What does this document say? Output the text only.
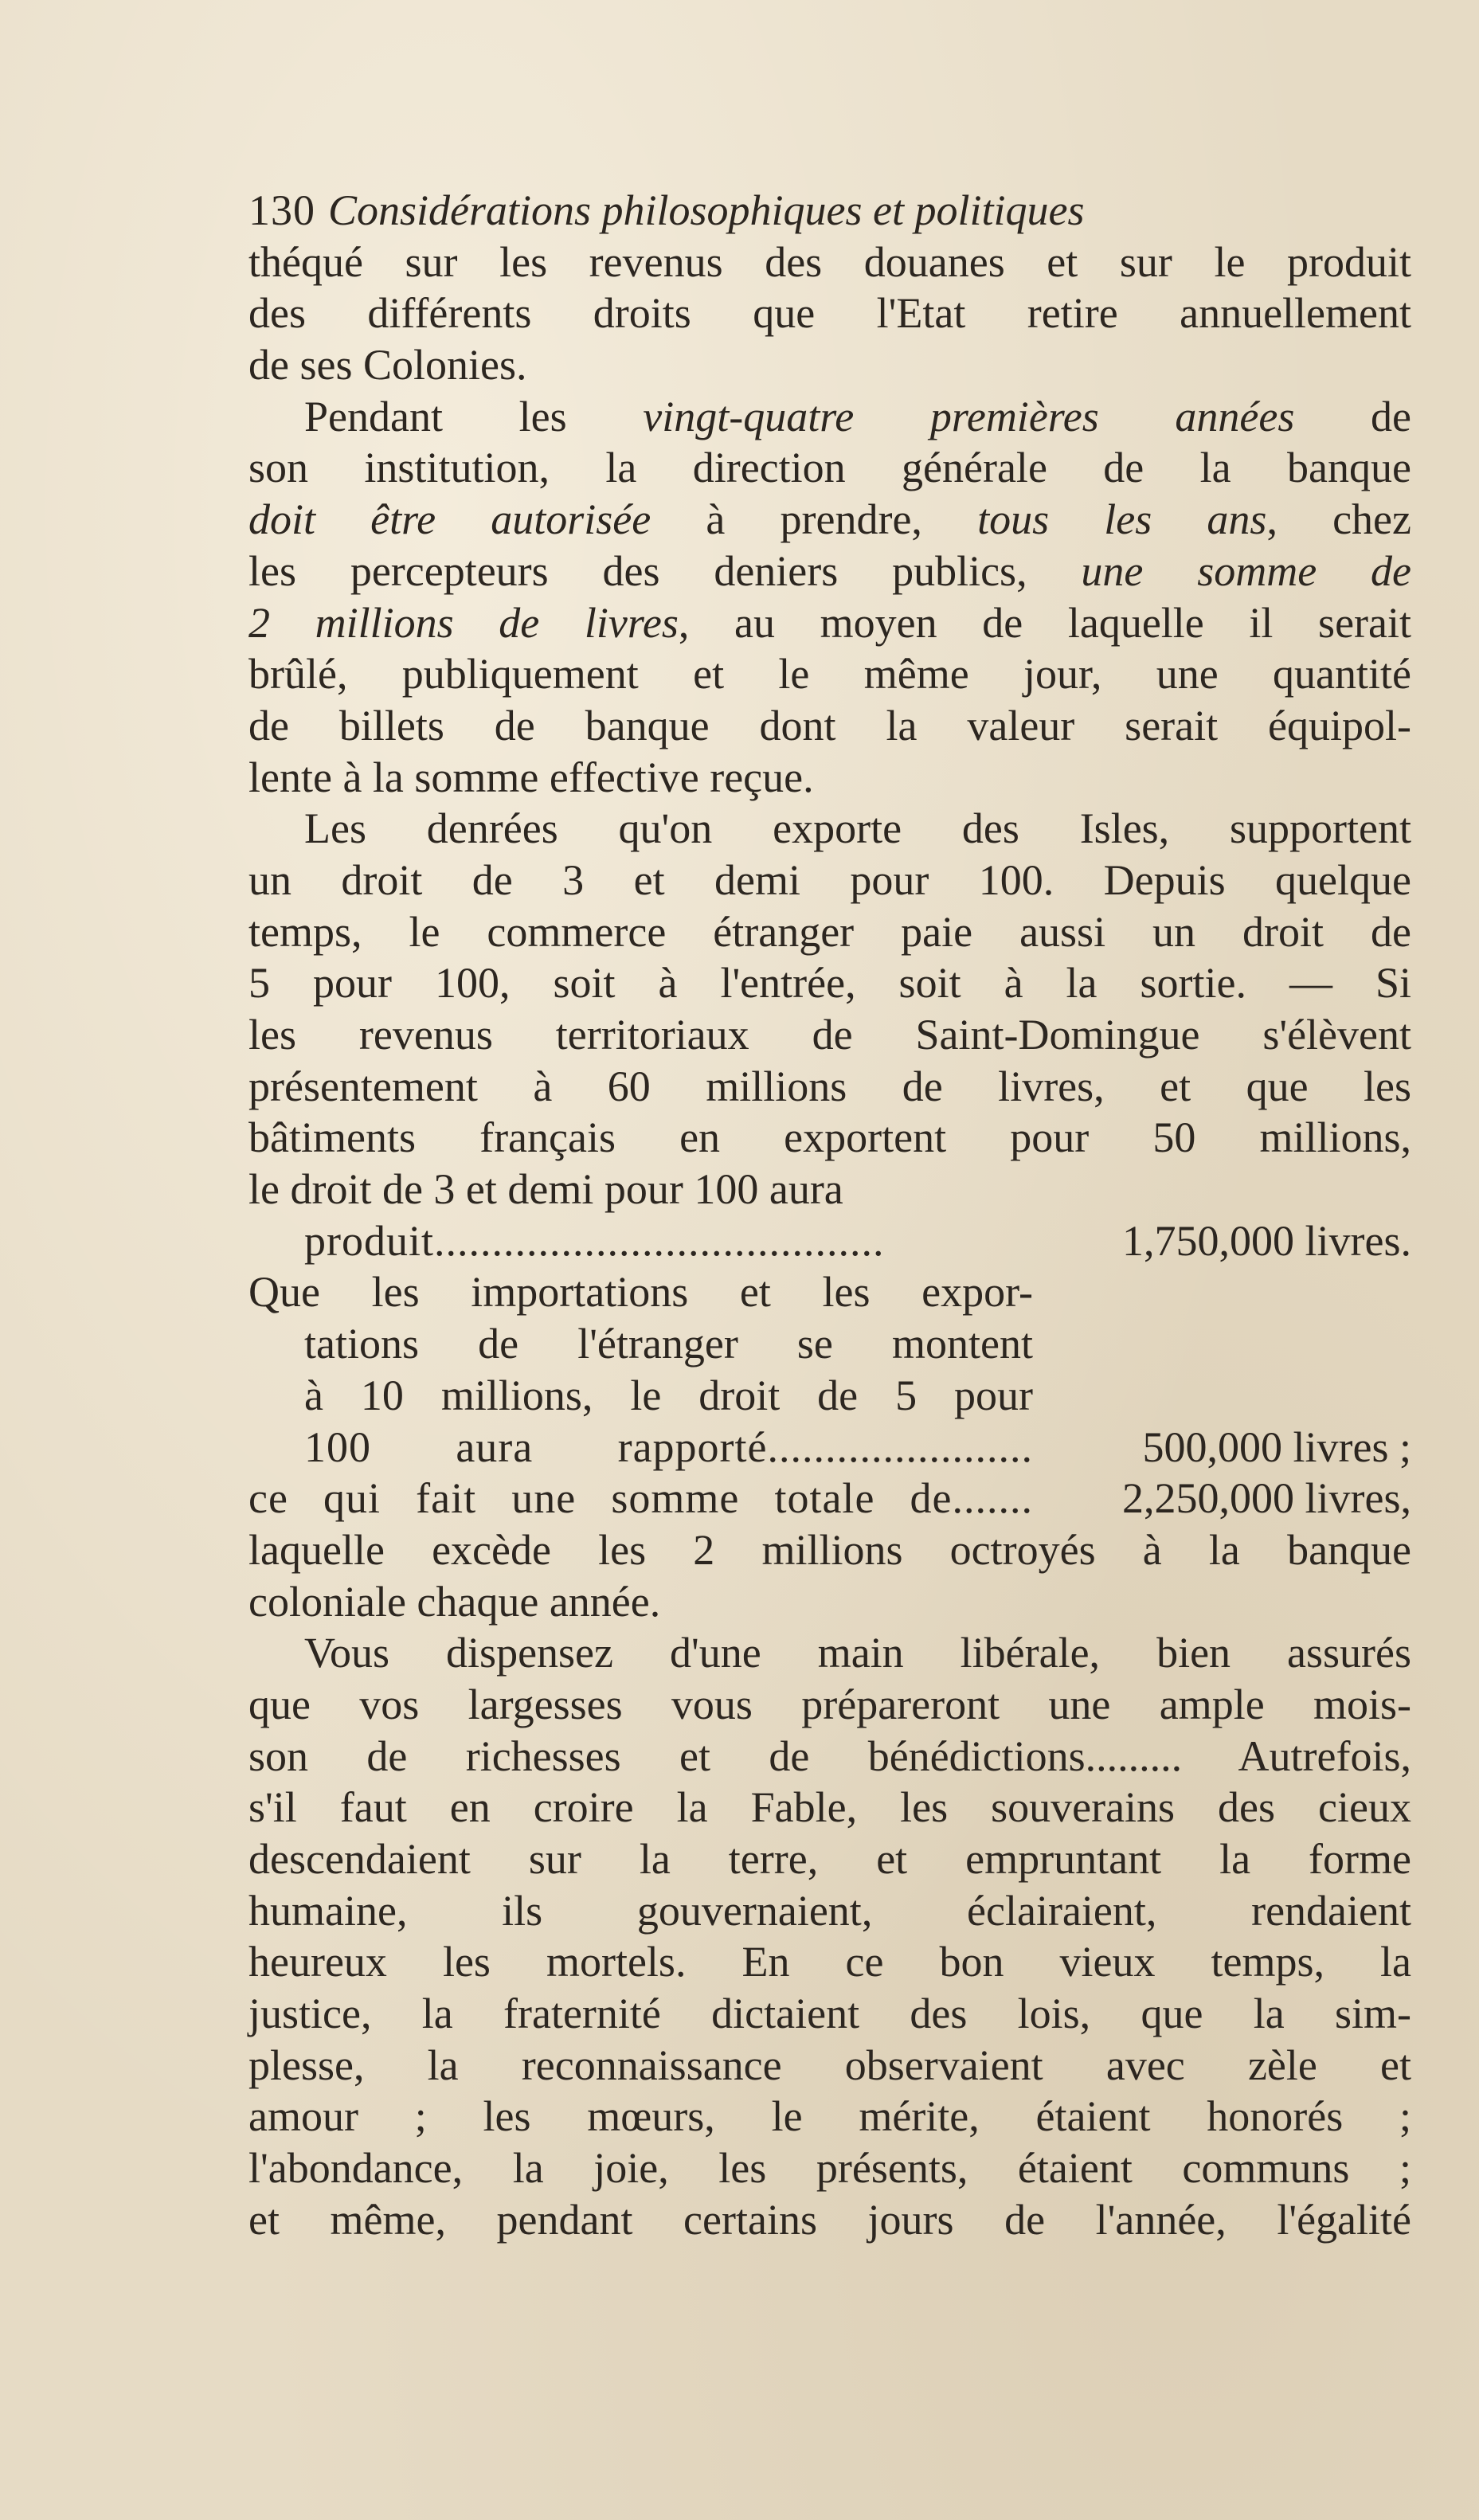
130 Considérations philosophiques et politiques
théqué sur les revenus des douanes et sur le produit
des différents droits que l'Etat retire annuellement
de ses Colonies.
Pendant les vingt-quatre premières années de
son institution, la direction générale de la banque
doit être autorisée à prendre, tous les ans, chez
les percepteurs des deniers publics, une somme de
2 millions de livres, au moyen de laquelle il serait
brûlé, publiquement et le même jour, une quantité
de billets de banque dont la valeur serait équipol-
lente à la somme effective reçue.
Les denrées qu'on exporte des Isles, supportent
un droit de 3 et demi pour 100. Depuis quelque
temps, le commerce étranger paie aussi un droit de
5 pour 100, soit à l'entrée, soit à la sortie. — Si
les revenus territoriaux de Saint-Domingue s'élèvent
présentement à 60 millions de livres, et que les
bâtiments français en exportent pour 50 millions,
le droit de 3 et demi pour 100 aura
produit.......................................	1,750,000 livres.
Que les importations et les expor-
tations de l'étranger se montent
à 10 millions, le droit de 5 pour
100 aura rapporté.......................	500,000 livres ;
ce qui fait une somme totale de....... 2,250,000 livres,
laquelle excède les 2 millions octroyés à la banque
coloniale chaque année.
Vous dispensez d'une main libérale, bien assurés
que vos largesses vous prépareront une ample mois-
son de richesses et de bénédictions......... Autrefois,
s'il faut en croire la Fable, les souverains des cieux
descendaient sur la terre, et empruntant la forme
humaine, ils gouvernaient, éclairaient, rendaient
heureux les mortels. En ce bon vieux temps, la
justice, la fraternité dictaient des lois, que la sim-
plesse, la reconnaissance observaient avec zèle et
amour ; les mœurs, le mérite, étaient honorés ;
l'abondance, la joie, les présents, étaient communs ;
et même, pendant certains jours de l'année, l'égalité
